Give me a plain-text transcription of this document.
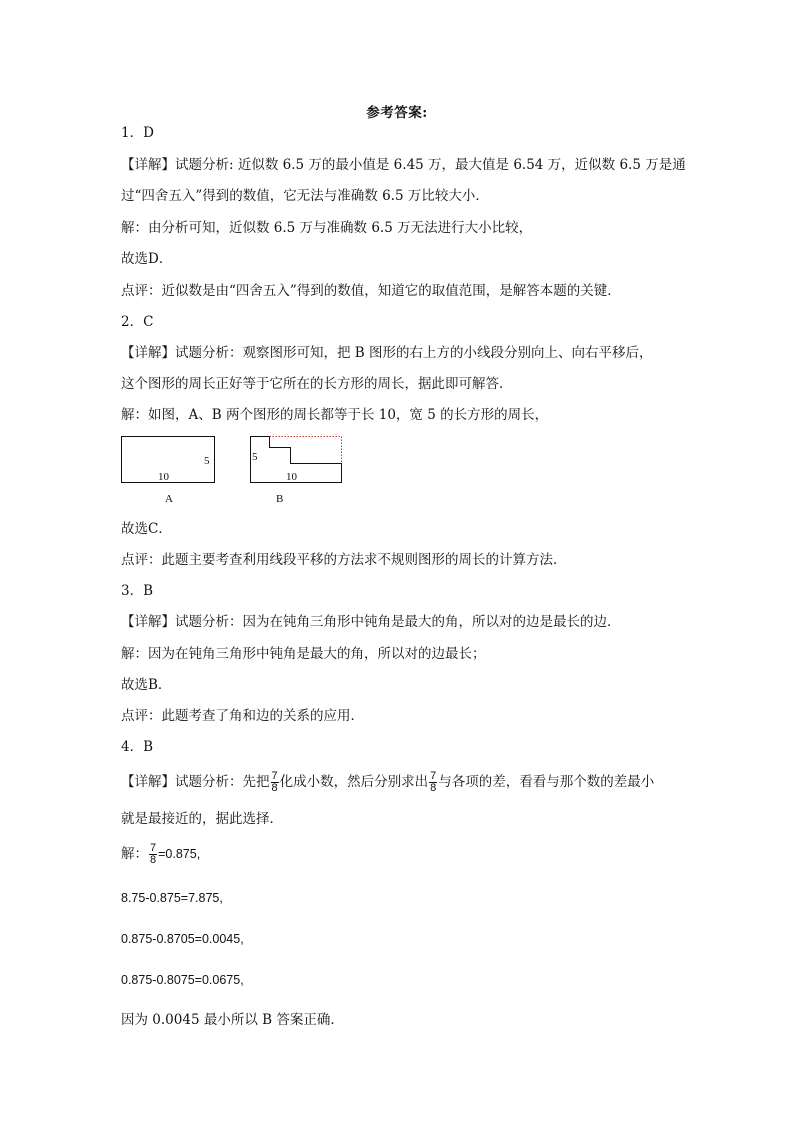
参考答案:
1．D
【详解】试题分析: 近似数 6.5 万的最小值是 6.45 万，最大值是 6.54 万，近似数 6.5 万是通
过“四舍五入”得到的数值，它无法与准确数 6.5 万比较大小．
解：由分析可知，近似数 6.5 万与准确数 6.5 万无法进行大小比较，
故选D．
点评：近似数是由“四舍五入”得到的数值，知道它的取值范围，是解答本题的关键．
2．C
【详解】试题分析：观察图形可知，把 B 图形的右上方的小线段分别向上、向右平移后，
这个图形的周长正好等于它所在的长方形的周长，据此即可解答．
解：如图，A、B 两个图形的周长都等于长 10，宽 5 的长方形的周长，
10
5
A
5
10
B
故选C．
点评：此题主要考查利用线段平移的方法求不规则图形的周长的计算方法．
3．B
【详解】试题分析：因为在钝角三角形中钝角是最大的角，所以对的边是最长的边．
解：因为在钝角三角形中钝角是最大的角，所以对的边最长；
故选B．
点评：此题考查了角和边的关系的应用．
4．B
【详解】试题分析：先把 $\frac{7}{8}$ 化成小数，然后分别求出 $\frac{7}{8}$ 与各项的差，看看与那个数的差最小
就是最接近的，据此选择．
解： $\frac{7}{8} =0.875$,
8.75-0.875=7.875,
0.875-0.8705=0.0045,
0.875-0.8075=0.0675,
因为 0.0045 最小所以 B 答案正确．
